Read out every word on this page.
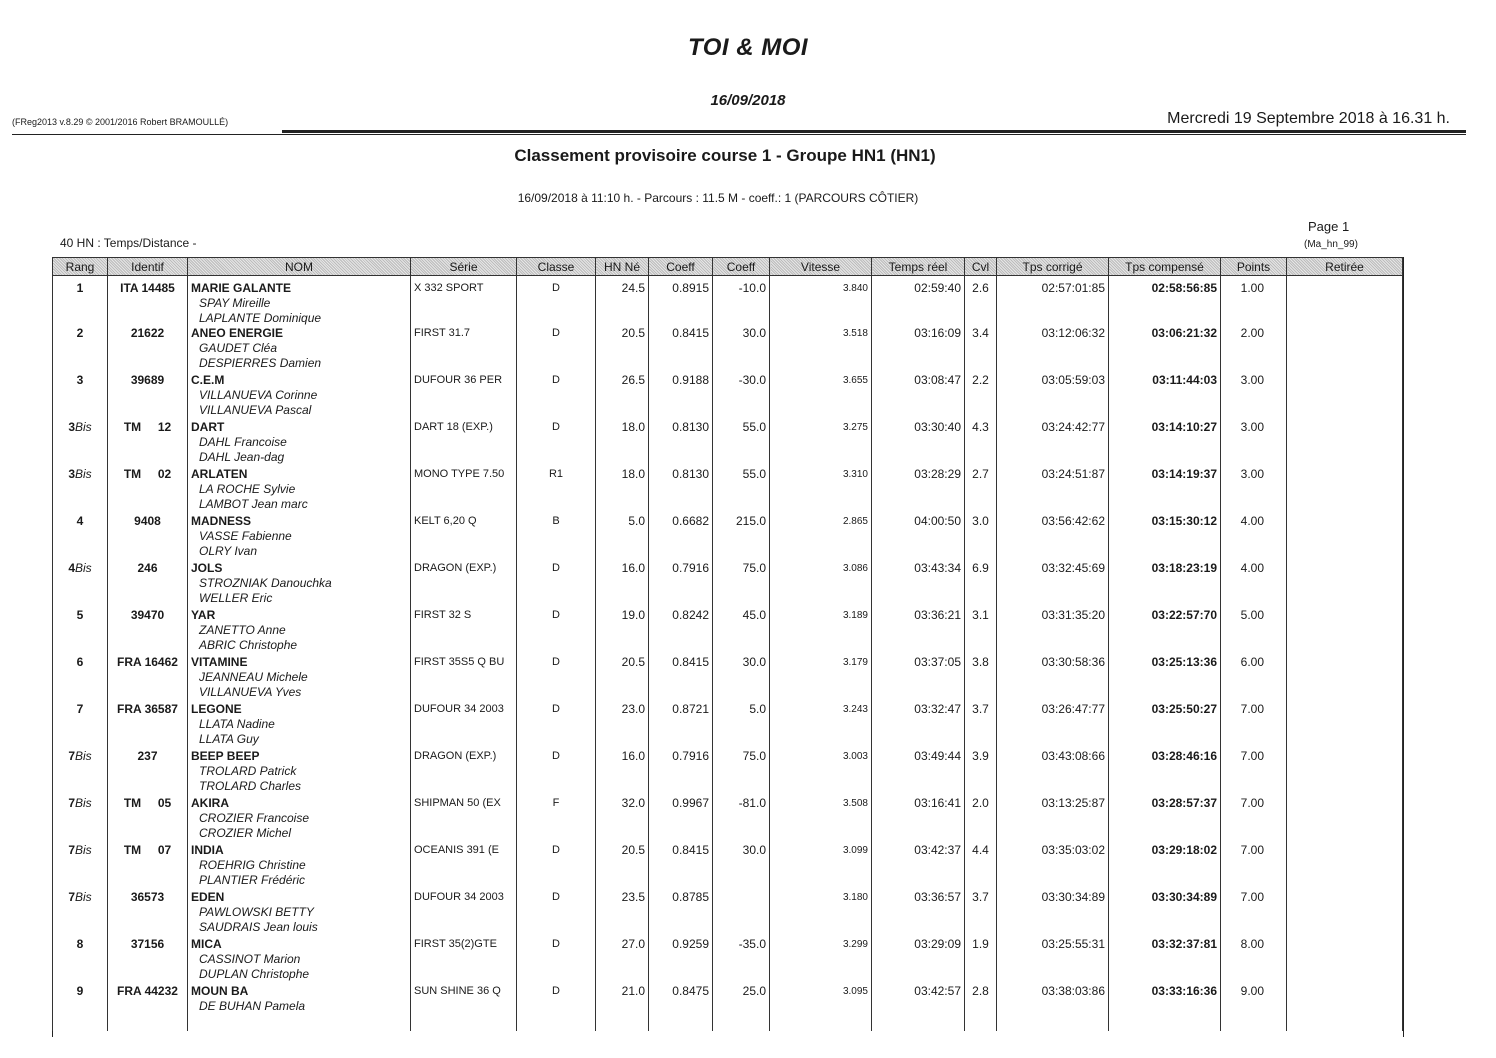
TOI & MOI
16/09/2018
(FReg2013 v.8.29 © 2001/2016 Robert BRAMOULLÉ)	Mercredi 19 Septembre 2018 à 16.31 h.
Classement provisoire course 1 - Groupe HN1 (HN1)
16/09/2018 à 11:10 h. - Parcours : 11.5 M - coeff.: 1 (PARCOURS CÔTIER)
Page 1
(Ma_hn_99)
40 HN : Temps/Distance -
Rang	Identif	NOM	Série	Classe	HN Né	Coeff	Coeff	Vitesse	Temps réel	Cvl	Tps corrigé	Tps compensé	Points	Retirée
1	ITA 14485	MARIE GALANTE
SPAY Mireille
LAPLANTE Dominique	X 332 SPORT	D	24.5	0.8915	-10.0	3.840	02:59:40	2.6	02:57:01:85	02:58:56:85	1.00	
2	21622	ANEO ENERGIE
GAUDET Cléa
DESPIERRES Damien	FIRST 31.7	D	20.5	0.8415	30.0	3.518	03:16:09	3.4	03:12:06:32	03:06:21:32	2.00	
3	39689	C.E.M
VILLANUEVA Corinne
VILLANUEVA Pascal	DUFOUR 36 PER	D	26.5	0.9188	-30.0	3.655	03:08:47	2.2	03:05:59:03	03:11:44:03	3.00	
3Bis	TM     12	DART
DAHL Francoise
DAHL Jean-dag	DART 18 (EXP.)	D	18.0	0.8130	55.0	3.275	03:30:40	4.3	03:24:42:77	03:14:10:27	3.00	
3Bis	TM     02	ARLATEN
LA ROCHE Sylvie
LAMBOT Jean marc	MONO TYPE 7.50	R1	18.0	0.8130	55.0	3.310	03:28:29	2.7	03:24:51:87	03:14:19:37	3.00	
4	9408	MADNESS
VASSE Fabienne
OLRY Ivan	KELT 6,20 Q	B	5.0	0.6682	215.0	2.865	04:00:50	3.0	03:56:42:62	03:15:30:12	4.00	
4Bis	246	JOLS
STROZNIAK Danouchka
WELLER Eric	DRAGON (EXP.)	D	16.0	0.7916	75.0	3.086	03:43:34	6.9	03:32:45:69	03:18:23:19	4.00	
5	39470	YAR
ZANETTO Anne
ABRIC Christophe	FIRST 32 S	D	19.0	0.8242	45.0	3.189	03:36:21	3.1	03:31:35:20	03:22:57:70	5.00	
6	FRA 16462	VITAMINE
JEANNEAU Michele
VILLANUEVA Yves	FIRST 35S5 Q BU	D	20.5	0.8415	30.0	3.179	03:37:05	3.8	03:30:58:36	03:25:13:36	6.00	
7	FRA 36587	LEGONE
LLATA Nadine
LLATA Guy	DUFOUR 34 2003	D	23.0	0.8721	5.0	3.243	03:32:47	3.7	03:26:47:77	03:25:50:27	7.00	
7Bis	237	BEEP BEEP
TROLARD Patrick
TROLARD Charles	DRAGON (EXP.)	D	16.0	0.7916	75.0	3.003	03:49:44	3.9	03:43:08:66	03:28:46:16	7.00	
7Bis	TM     05	AKIRA
CROZIER Francoise
CROZIER Michel	SHIPMAN 50 (EX	F	32.0	0.9967	-81.0	3.508	03:16:41	2.0	03:13:25:87	03:28:57:37	7.00	
7Bis	TM     07	INDIA
ROEHRIG Christine
PLANTIER Frédéric	OCEANIS 391 (E	D	20.5	0.8415	30.0	3.099	03:42:37	4.4	03:35:03:02	03:29:18:02	7.00	
7Bis	36573	EDEN
PAWLOWSKI BETTY
SAUDRAIS Jean louis	DUFOUR 34 2003	D	23.5	0.8785		3.180	03:36:57	3.7	03:30:34:89	03:30:34:89	7.00	
8	37156	MICA
CASSINOT Marion
DUPLAN Christophe	FIRST 35(2)GTE	D	27.0	0.9259	-35.0	3.299	03:29:09	1.9	03:25:55:31	03:32:37:81	8.00	
9	FRA 44232	MOUN BA
DE BUHAN Pamela	SUN SHINE 36 Q	D	21.0	0.8475	25.0	3.095	03:42:57	2.8	03:38:03:86	03:33:16:36	9.00	
